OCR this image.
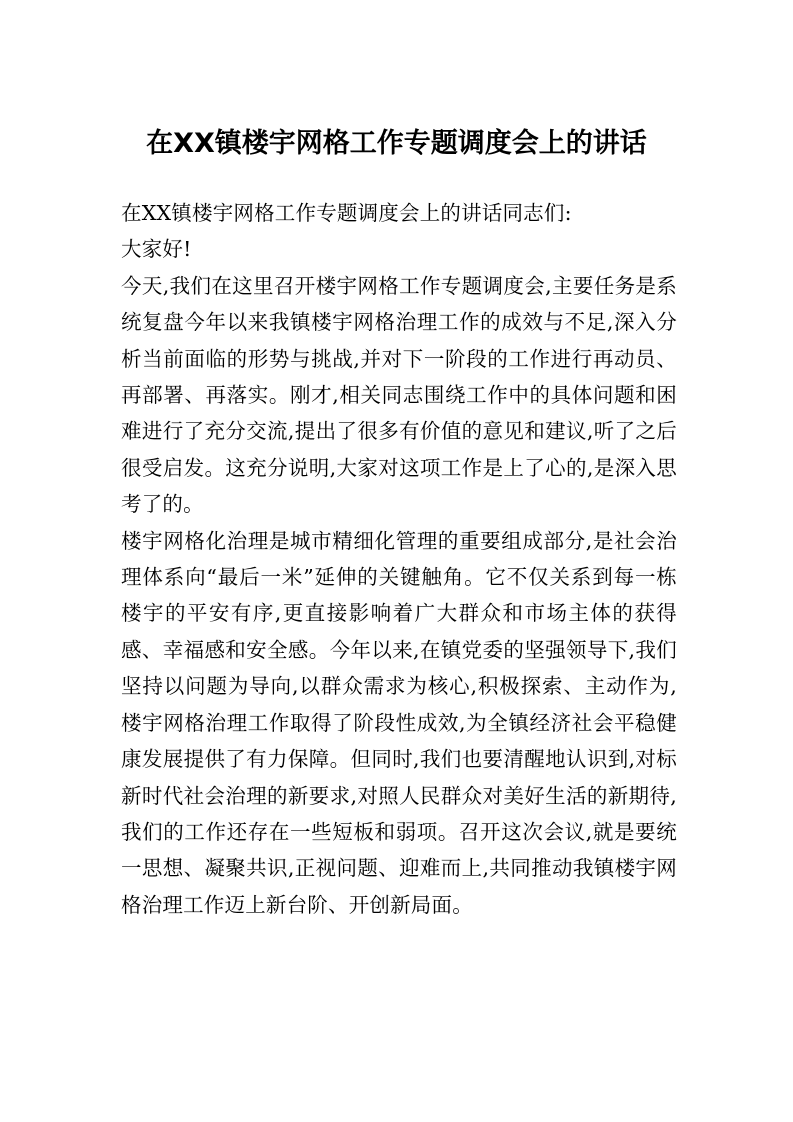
在XX镇楼宇网格工作专题调度会上的讲话

在XX镇楼宇网格工作专题调度会上的讲话同志们:

大家好!

今天,我们在这里召开楼宇网格工作专题调度会,主要任务是系统复盘今年以来我镇楼宇网格治理工作的成效与不足,深入分析当前面临的形势与挑战,并对下一阶段的工作进行再动员、再部署、再落实。刚才,相关同志围绕工作中的具体问题和困难进行了充分交流,提出了很多有价值的意见和建议,听了之后很受启发。这充分说明,大家对这项工作是上了心的,是深入思考了的。

楼宇网格化治理是城市精细化管理的重要组成部分,是社会治理体系向“最后一米”延伸的关键触角。它不仅关系到每一栋楼宇的平安有序,更直接影响着广大群众和市场主体的获得感、幸福感和安全感。今年以来,在镇党委的坚强领导下,我们坚持以问题为导向,以群众需求为核心,积极探索、主动作为,楼宇网格治理工作取得了阶段性成效,为全镇经济社会平稳健康发展提供了有力保障。但同时,我们也要清醒地认识到,对标新时代社会治理的新要求,对照人民群众对美好生活的新期待,我们的工作还存在一些短板和弱项。召开这次会议,就是要统一思想、凝聚共识,正视问题、迎难而上,共同推动我镇楼宇网格治理工作迈上新台阶、开创新局面。
